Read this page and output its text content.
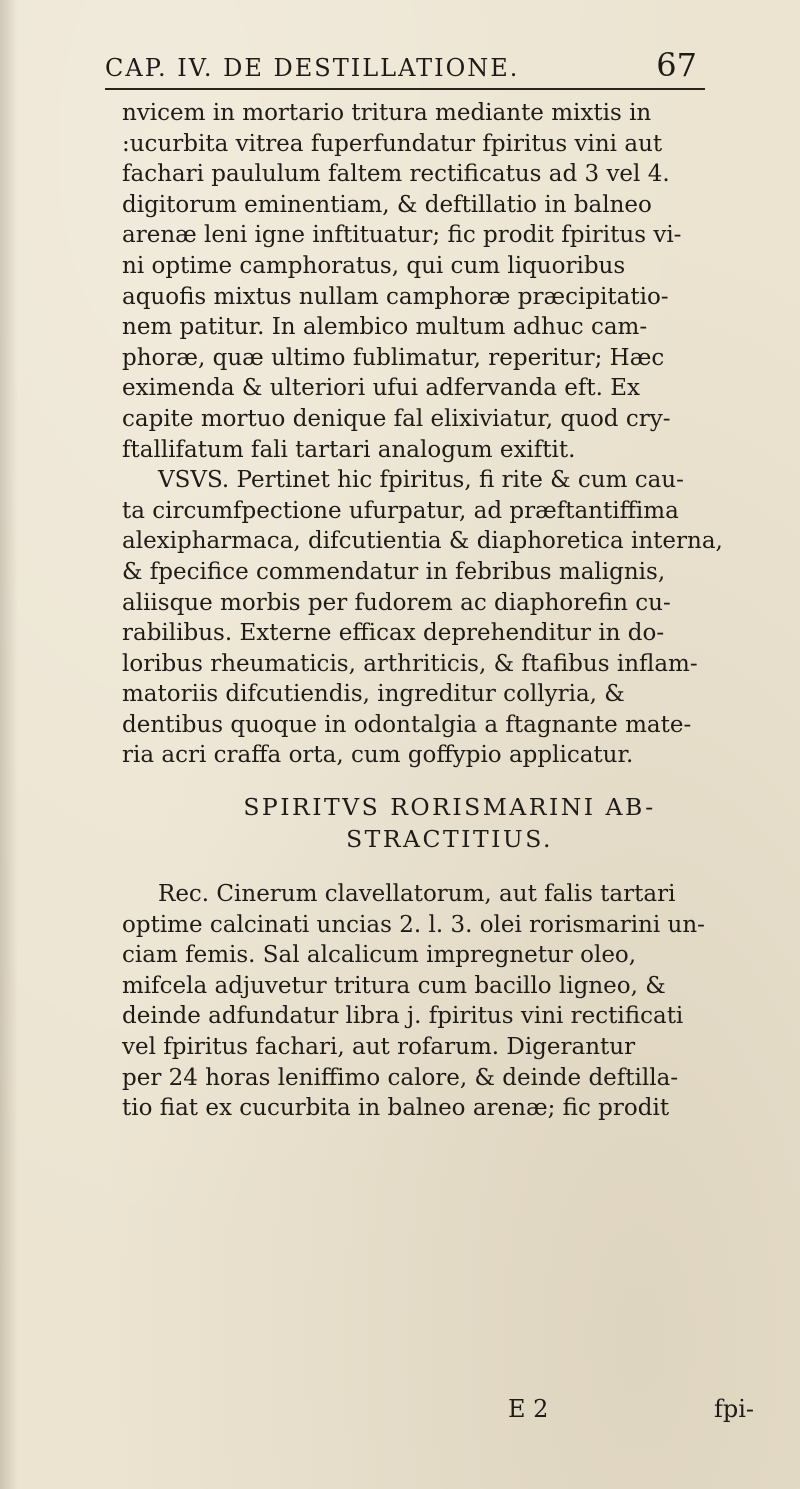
CAP. IV. DE DESTILLATIONE.	67
nvicem in mortario tritura mediante mixtis in
:ucurbita vitrea fuperfundatur fpiritus vini aut
fachari paululum faltem rectificatus ad 3 vel 4.
digitorum eminentiam, & deftillatio in balneo
arenæ leni igne inftituatur; fic prodit fpiritus vi-
ni optime camphoratus, qui cum liquoribus
aquofis mixtus nullam camphoræ præcipitatio-
nem patitur. In alembico multum adhuc cam-
phoræ, quæ ultimo fublimatur, reperitur; Hæc
eximenda & ulteriori ufui adfervanda eft. Ex
capite mortuo denique fal elixiviatur, quod cry-
ftallifatum fali tartari analogum exiftit.
VSVS. Pertinet hic fpiritus, fi rite & cum cau-
ta circumfpectione ufurpatur, ad præftantiffima
alexipharmaca, difcutientia & diaphoretica interna,
& fpecifice commendatur in febribus malignis,
aliisque morbis per fudorem ac diaphorefin cu-
rabilibus. Externe efficax deprehenditur in do-
loribus rheumaticis, arthriticis, & ftafibus inflam-
matoriis difcutiendis, ingreditur collyria, &
dentibus quoque in odontalgia a ftagnante mate-
ria acri craffa orta, cum goffypio applicatur.
SPIRITVS RORISMARINI AB-
STRACTITIUS.
Rec. Cinerum clavellatorum, aut falis tartari
optime calcinati uncias 2. l. 3. olei rorismarini un-
ciam femis. Sal alcalicum impregnetur oleo,
mifcela adjuvetur tritura cum bacillo ligneo, &
deinde adfundatur libra j. fpiritus vini rectificati
vel fpiritus fachari, aut rofarum. Digerantur
per 24 horas leniffimo calore, & deinde deftilla-
tio fiat ex cucurbita in balneo arenæ; fic prodit
E 2	fpi-
